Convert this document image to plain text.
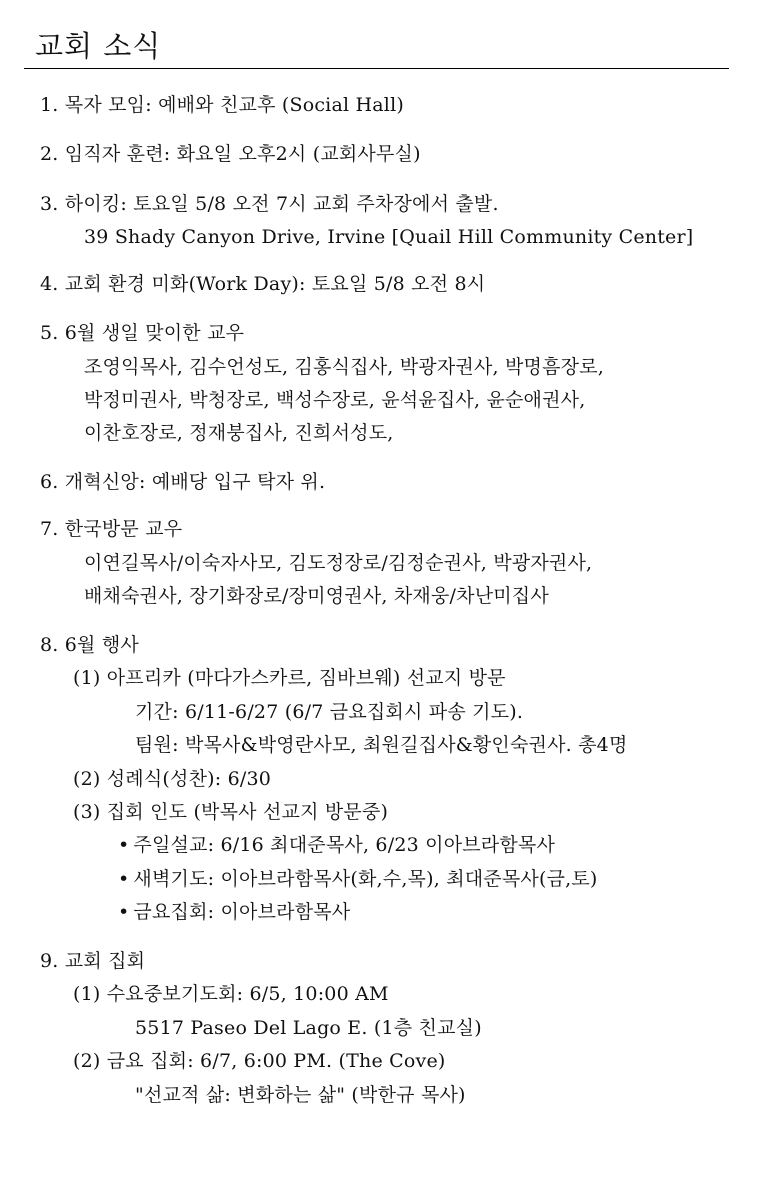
교회 소식
1. 목자 모임: 예배와 친교후 (Social Hall)
2. 임직자 훈련: 화요일 오후2시 (교회사무실)
3. 하이킹: 토요일 5/8 오전 7시 교회 주차장에서 출발.
39 Shady Canyon Drive, Irvine [Quail Hill Community Center]
4. 교회 환경 미화(Work Day): 토요일 5/8 오전 8시
5. 6월 생일 맞이한 교우
조영익목사, 김수언성도, 김홍식집사, 박광자권사, 박명흠장로,
박정미권사, 박청장로, 백성수장로, 윤석윤집사, 윤순애권사,
이찬호장로, 정재붕집사, 진희서성도,
6. 개혁신앙: 예배당 입구 탁자 위.
7. 한국방문 교우
이연길목사/이숙자사모, 김도정장로/김정순권사, 박광자권사,
배채숙권사, 장기화장로/장미영권사, 차재웅/차난미집사
8. 6월 행사
(1) 아프리카 (마다가스카르, 짐바브웨) 선교지 방문
기간: 6/11-6/27 (6/7 금요집회시 파송 기도).
팀원: 박목사&박영란사모, 최원길집사&황인숙권사. 총4명
(2) 성례식(성찬): 6/30
(3) 집회 인도 (박목사 선교지 방문중)
• 주일설교: 6/16 최대준목사, 6/23 이아브라함목사
• 새벽기도: 이아브라함목사(화,수,목), 최대준목사(금,토)
• 금요집회: 이아브라함목사
9. 교회 집회
(1) 수요중보기도회: 6/5, 10:00 AM
5517 Paseo Del Lago E. (1층 친교실)
(2) 금요 집회: 6/7, 6:00 PM. (The Cove)
"선교적 삶: 변화하는 삶" (박한규 목사)
